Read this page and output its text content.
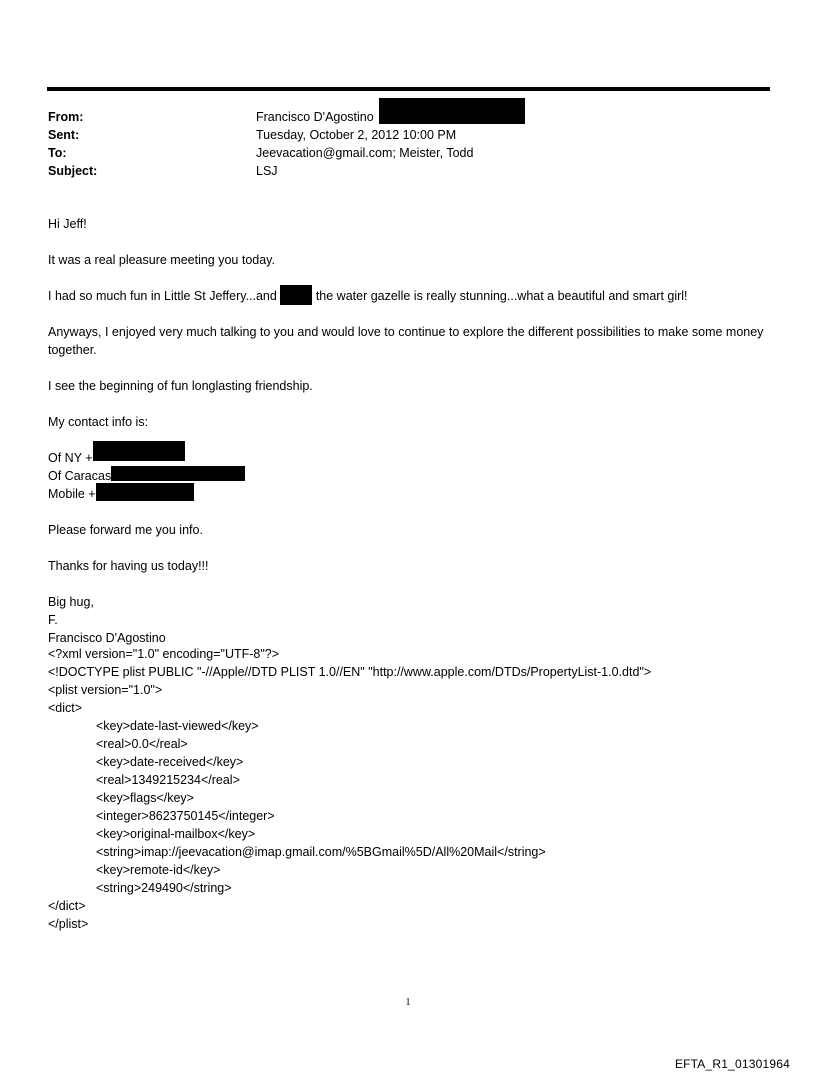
From:	Francisco D'Agostino
Sent:	Tuesday, October 2, 2012 10:00 PM
To:	Jeevacation@gmail.com; Meister, Todd
Subject:	LSJ
Hi Jeff!
It was a real pleasure meeting you today.
I had so much fun in Little St Jeffery...and	the water gazelle is really stunning...what a beautiful and smart girl!
Anyways, I enjoyed very much talking to you and would love to continue to explore the different possibilities to make some money together.
I see the beginning of fun longlasting friendship.
My contact info is:
Of NY +
Of Caracas
Mobile +
Please forward me you info.
Thanks for having us today!!!
Big hug,
F.
Francisco D'Agostino
<?xml version="1.0" encoding="UTF-8"?>
<!DOCTYPE plist PUBLIC "-//Apple//DTD PLIST 1.0//EN" "http://www.apple.com/DTDs/PropertyList-1.0.dtd">
<plist version="1.0">
<dict>
<key>date-last-viewed</key>
<real>0.0</real>
<key>date-received</key>
<real>1349215234</real>
<key>flags</key>
<integer>8623750145</integer>
<key>original-mailbox</key>
<string>imap://jeevacation@imap.gmail.com/%5BGmail%5D/All%20Mail</string>
<key>remote-id</key>
<string>249490</string>
</dict>
</plist>
1
EFTA_R1_01301964
